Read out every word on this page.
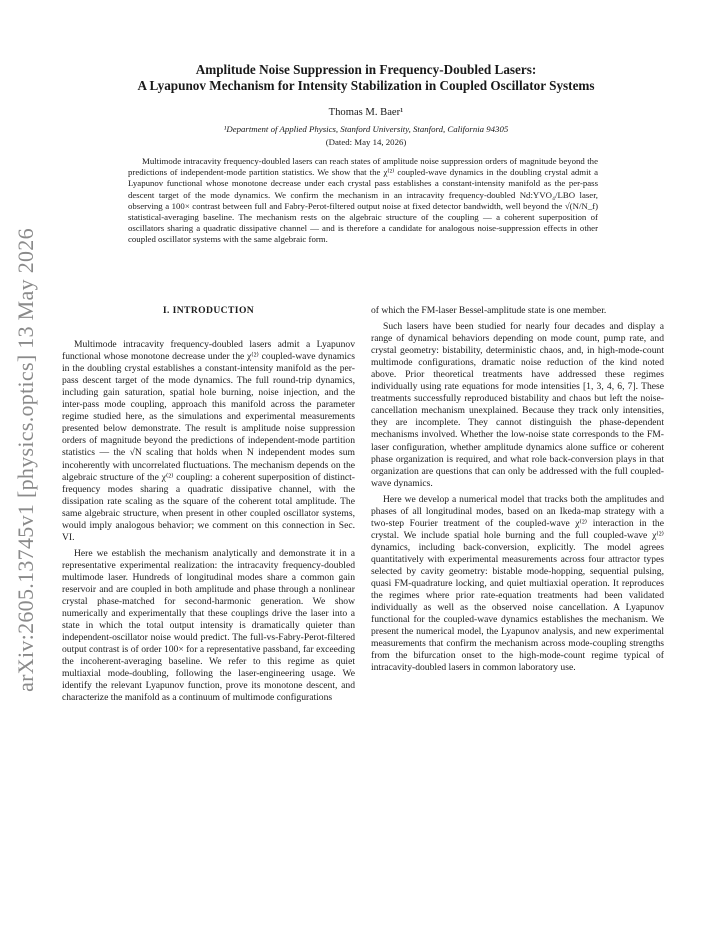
arXiv:2605.13745v1 [physics.optics] 13 May 2026
Amplitude Noise Suppression in Frequency-Doubled Lasers:
A Lyapunov Mechanism for Intensity Stabilization in Coupled Oscillator Systems
Thomas M. Baer¹
¹Department of Applied Physics, Stanford University, Stanford, California 94305
(Dated: May 14, 2026)
Multimode intracavity frequency-doubled lasers can reach states of amplitude noise suppression orders of magnitude beyond the predictions of independent-mode partition statistics. We show that the χ⁽²⁾ coupled-wave dynamics in the doubling crystal admit a Lyapunov functional whose monotone decrease under each crystal pass establishes a constant-intensity manifold as the per-pass descent target of the mode dynamics. We confirm the mechanism in an intracavity frequency-doubled Nd:YVO₄/LBO laser, observing a 100× contrast between full and Fabry-Perot-filtered output noise at fixed detector bandwidth, well beyond the √(N/N_f) statistical-averaging baseline. The mechanism rests on the algebraic structure of the coupling — a coherent superposition of oscillators sharing a quadratic dissipative channel — and is therefore a candidate for analogous noise-suppression effects in other coupled oscillator systems with the same algebraic form.
I. INTRODUCTION

Multimode intracavity frequency-doubled lasers admit a Lyapunov functional whose monotone decrease under the χ⁽²⁾ coupled-wave dynamics in the doubling crystal establishes a constant-intensity manifold as the per-pass descent target of the mode dynamics. The full round-trip dynamics, including gain saturation, spatial hole burning, noise injection, and the inter-pass mode coupling, approach this manifold across the parameter regime studied here, as the simulations and experimental measurements presented below demonstrate. The result is amplitude noise suppression orders of magnitude beyond the predictions of independent-mode partition statistics — the √N scaling that holds when N independent modes sum incoherently with uncorrelated fluctuations. The mechanism depends on the algebraic structure of the χ⁽²⁾ coupling: a coherent superposition of distinct-frequency modes sharing a quadratic dissipative channel, with the dissipation rate scaling as the square of the coherent total amplitude. The same algebraic structure, when present in other coupled oscillator systems, would imply analogous behavior; we comment on this connection in Sec. VI.

Here we establish the mechanism analytically and demonstrate it in a representative experimental realization: the intracavity frequency-doubled multimode laser. Hundreds of longitudinal modes share a common gain reservoir and are coupled in both amplitude and phase through a nonlinear crystal phase-matched for second-harmonic generation. We show numerically and experimentally that these couplings drive the laser into a state in which the total output intensity is dramatically quieter than independent-oscillator noise would predict. The full-vs-Fabry-Perot-filtered output contrast is of order 100× for a representative passband, far exceeding the incoherent-averaging baseline. We refer to this regime as quiet multiaxial mode-doubling, following the laser-engineering usage. We identify the relevant Lyapunov function, prove its monotone descent, and characterize the manifold as a continuum of multimode configurations

of which the FM-laser Bessel-amplitude state is one member.

Such lasers have been studied for nearly four decades and display a range of dynamical behaviors depending on mode count, pump rate, and crystal geometry: bistability, deterministic chaos, and, in high-mode-count multimode configurations, dramatic noise reduction of the kind noted above. Prior theoretical treatments have addressed these regimes individually using rate equations for mode intensities [1, 3, 4, 6, 7]. These treatments successfully reproduced bistability and chaos but left the noise-cancellation mechanism unexplained. Because they track only intensities, they are incomplete. They cannot distinguish the phase-dependent mechanisms involved. Whether the low-noise state corresponds to the FM-laser configuration, whether amplitude dynamics alone suffice or coherent phase organization is required, and what role back-conversion plays in that organization are questions that can only be addressed with the full coupled-wave dynamics.

Here we develop a numerical model that tracks both the amplitudes and phases of all longitudinal modes, based on an Ikeda-map strategy with a two-step Fourier treatment of the coupled-wave χ⁽²⁾ interaction in the crystal. We include spatial hole burning and the full coupled-wave χ⁽²⁾ dynamics, including back-conversion, explicitly. The model agrees quantitatively with experimental measurements across four attractor types selected by cavity geometry: bistable mode-hopping, sequential pulsing, quasi FM-quadrature locking, and quiet multiaxial operation. It reproduces the regimes where prior rate-equation treatments had been validated individually as well as the observed noise cancellation. A Lyapunov functional for the coupled-wave dynamics establishes the mechanism. We present the numerical model, the Lyapunov analysis, and new experimental measurements that confirm the mechanism across mode-coupling strengths from the bifurcation onset to the high-mode-count regime typical of intracavity-doubled lasers in common laboratory use.
